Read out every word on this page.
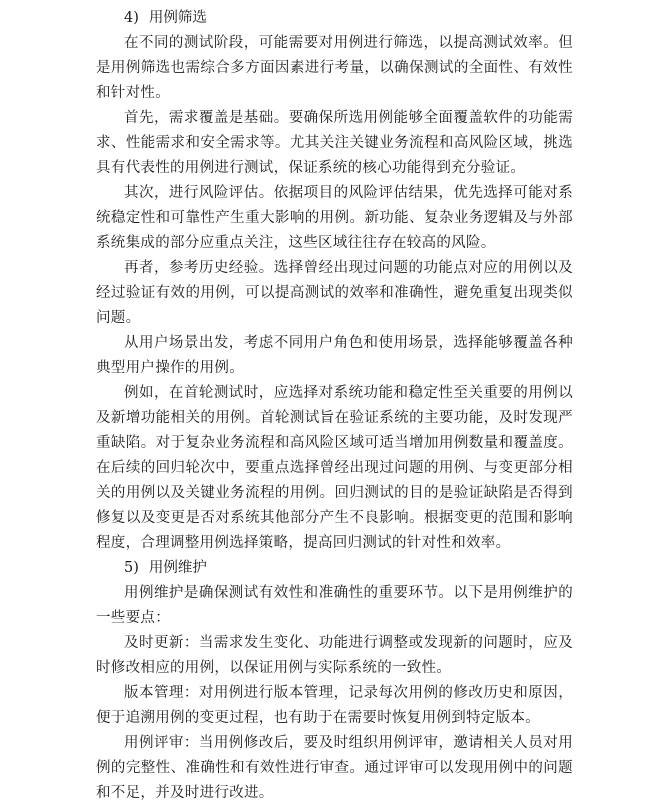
4) 用例筛选

在不同的测试阶段，可能需要对用例进行筛选，以提高测试效率。但是用例筛选也需综合多方面因素进行考量，以确保测试的全面性、有效性和针对性。

首先，需求覆盖是基础。要确保所选用例能够全面覆盖软件的功能需求、性能需求和安全需求等。尤其关注关键业务流程和高风险区域，挑选具有代表性的用例进行测试，保证系统的核心功能得到充分验证。

其次，进行风险评估。依据项目的风险评估结果，优先选择可能对系统稳定性和可靠性产生重大影响的用例。新功能、复杂业务逻辑及与外部系统集成的部分应重点关注，这些区域往往存在较高的风险。

再者，参考历史经验。选择曾经出现过问题的功能点对应的用例以及经过验证有效的用例，可以提高测试的效率和准确性，避免重复出现类似问题。

从用户场景出发，考虑不同用户角色和使用场景，选择能够覆盖各种典型用户操作的用例。

例如，在首轮测试时，应选择对系统功能和稳定性至关重要的用例以及新增功能相关的用例。首轮测试旨在验证系统的主要功能，及时发现严重缺陷。对于复杂业务流程和高风险区域可适当增加用例数量和覆盖度。在后续的回归轮次中，要重点选择曾经出现过问题的用例、与变更部分相关的用例以及关键业务流程的用例。回归测试的目的是验证缺陷是否得到修复以及变更是否对系统其他部分产生不良影响。根据变更的范围和影响程度，合理调整用例选择策略，提高回归测试的针对性和效率。

5) 用例维护

用例维护是确保测试有效性和准确性的重要环节。以下是用例维护的一些要点：

及时更新：当需求发生变化、功能进行调整或发现新的问题时，应及时修改相应的用例，以保证用例与实际系统的一致性。

版本管理：对用例进行版本管理，记录每次用例的修改历史和原因，便于追溯用例的变更过程，也有助于在需要时恢复用例到特定版本。

用例评审：当用例修改后，要及时组织用例评审，邀请相关人员对用例的完整性、准确性和有效性进行审查。通过评审可以发现用例中的问题和不足，并及时进行改进。
